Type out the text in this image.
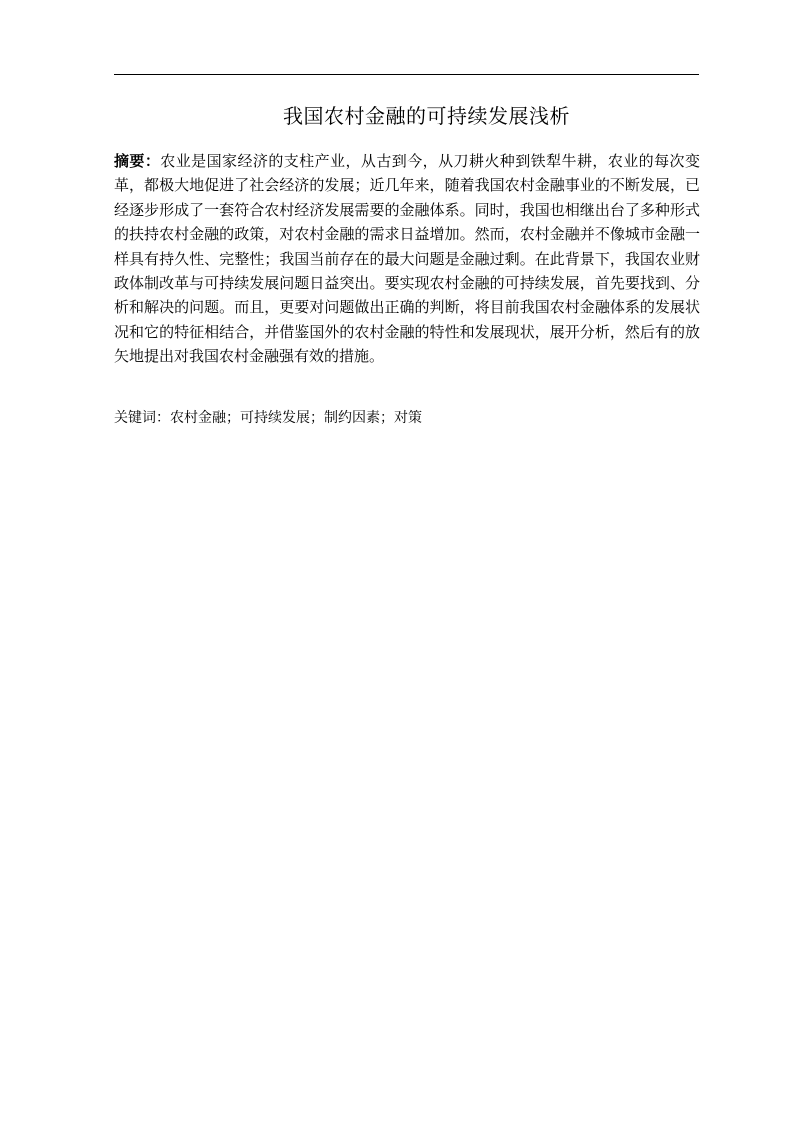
我国农村金融的可持续发展浅析

摘要：农业是国家经济的支柱产业，从古到今，从刀耕火种到铁犁牛耕，农业的每次变革，都极大地促进了社会经济的发展；近几年来，随着我国农村金融事业的不断发展，已经逐步形成了一套符合农村经济发展需要的金融体系。同时，我国也相继出台了多种形式的扶持农村金融的政策，对农村金融的需求日益增加。然而，农村金融并不像城市金融一样具有持久性、完整性；我国当前存在的最大问题是金融过剩。在此背景下，我国农业财政体制改革与可持续发展问题日益突出。要实现农村金融的可持续发展，首先要找到、分析和解决的问题。而且，更要对问题做出正确的判断，将目前我国农村金融体系的发展状况和它的特征相结合，并借鉴国外的农村金融的特性和发展现状，展开分析，然后有的放矢地提出对我国农村金融强有效的措施。

关键词：农村金融；可持续发展；制约因素；对策
